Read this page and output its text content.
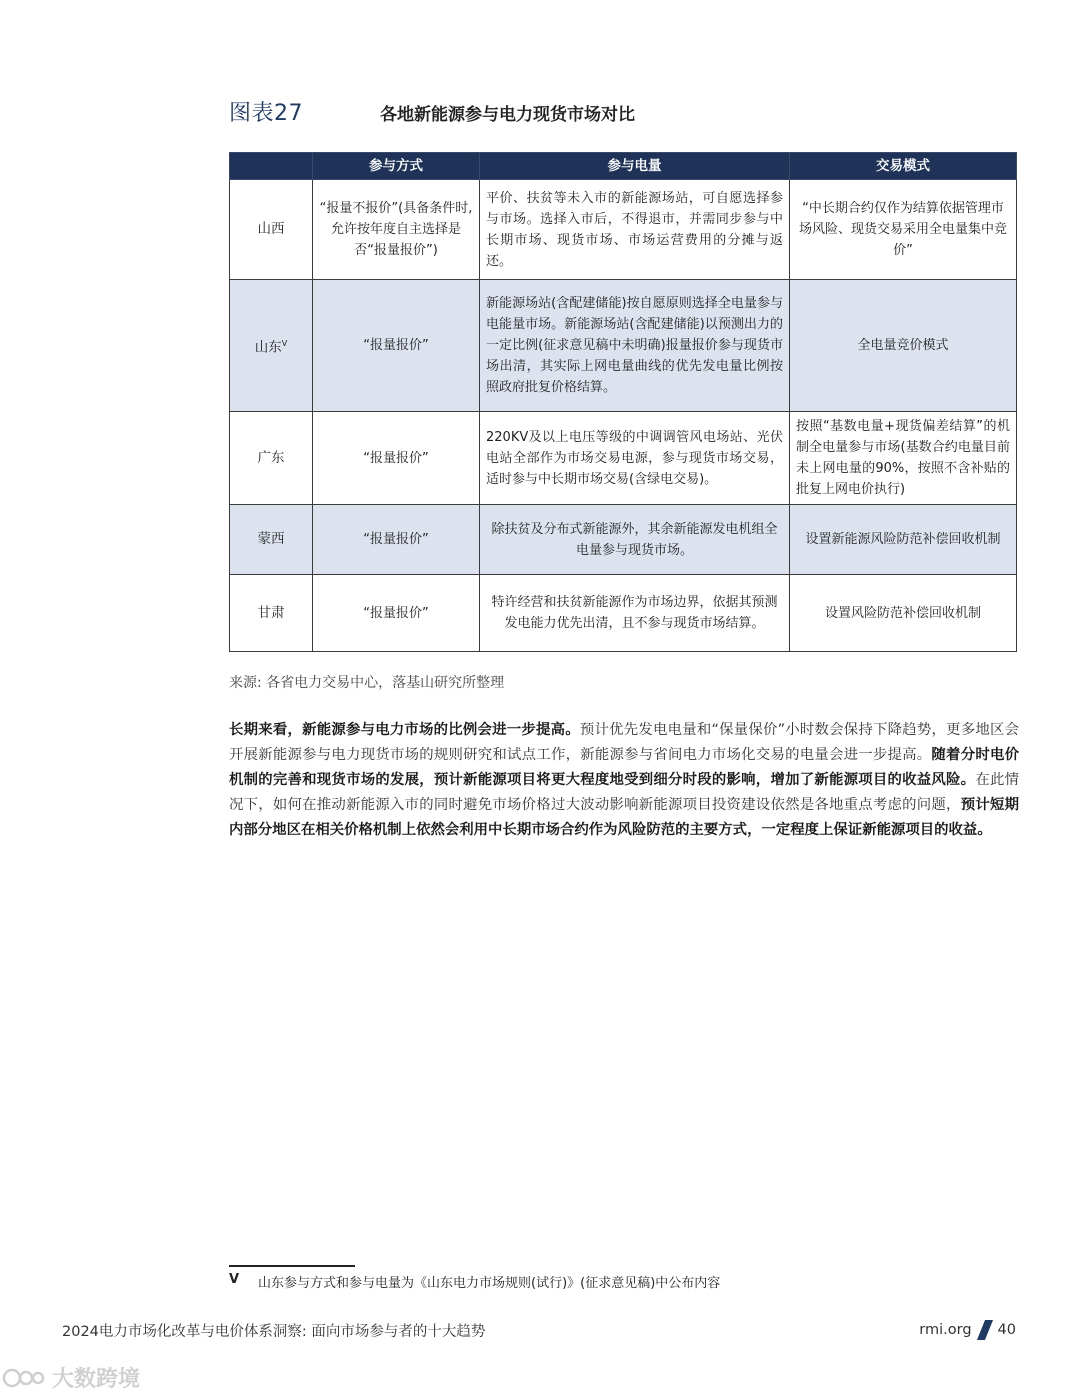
图表27	各地新能源参与电力现货市场对比
	参与方式	参与电量	交易模式
山西	“报量不报价”(具备条件时,允许按年度自主选择是否“报量报价”)	平价、扶贫等未入市的新能源场站，可自愿选择参与市场。选择入市后，不得退市，并需同步参与中长期市场、现货市场、市场运营费用的分摊与返还。	“中长期合约仅作为结算依据管理市场风险、现货交易采用全电量集中竞价”
山东$^V$	“报量报价”	新能源场站(含配建储能)按自愿原则选择全电量参与电能量市场。新能源场站(含配建储能)以预测出力的一定比例(征求意见稿中未明确)报量报价参与现货市场出清，其实际上网电量曲线的优先发电量比例按照政府批复价格结算。	全电量竞价模式
广东	“报量报价”	220KV及以上电压等级的中调调管风电场站、光伏电站全部作为市场交易电源，参与现货市场交易，适时参与中长期市场交易(含绿电交易)。	按照“基数电量+现货偏差结算”的机制全电量参与市场(基数合约电量目前未上网电量的90%，按照不含补贴的批复上网电价执行)
蒙西	“报量报价”	除扶贫及分布式新能源外，其余新能源发电机组全电量参与现货市场。	设置新能源风险防范补偿回收机制
甘肃	“报量报价”	特许经营和扶贫新能源作为市场边界，依据其预测发电能力优先出清，且不参与现货市场结算。	设置风险防范补偿回收机制
来源: 各省电力交易中心，落基山研究所整理
长期来看，新能源参与电力市场的比例会进一步提高。预计优先发电电量和“保量保价”小时数会保持下降趋势，更多地区会开展新能源参与电力现货市场的规则研究和试点工作，新能源参与省间电力市场化交易的电量会进一步提高。随着分时电价机制的完善和现货市场的发展，预计新能源项目将更大程度地受到细分时段的影响，增加了新能源项目的收益风险。在此情况下，如何在推动新能源入市的同时避免市场价格过大波动影响新能源项目投资建设依然是各地重点考虑的问题，预计短期内部分地区在相关价格机制上依然会利用中长期市场合约作为风险防范的主要方式，一定程度上保证新能源项目的收益。
V 山东参与方式和参与电量为《山东电力市场规则(试行)》(征求意见稿)中公布内容
2024电力市场化改革与电价体系洞察: 面向市场参与者的十大趋势	rmi.org 40
大数跨境
